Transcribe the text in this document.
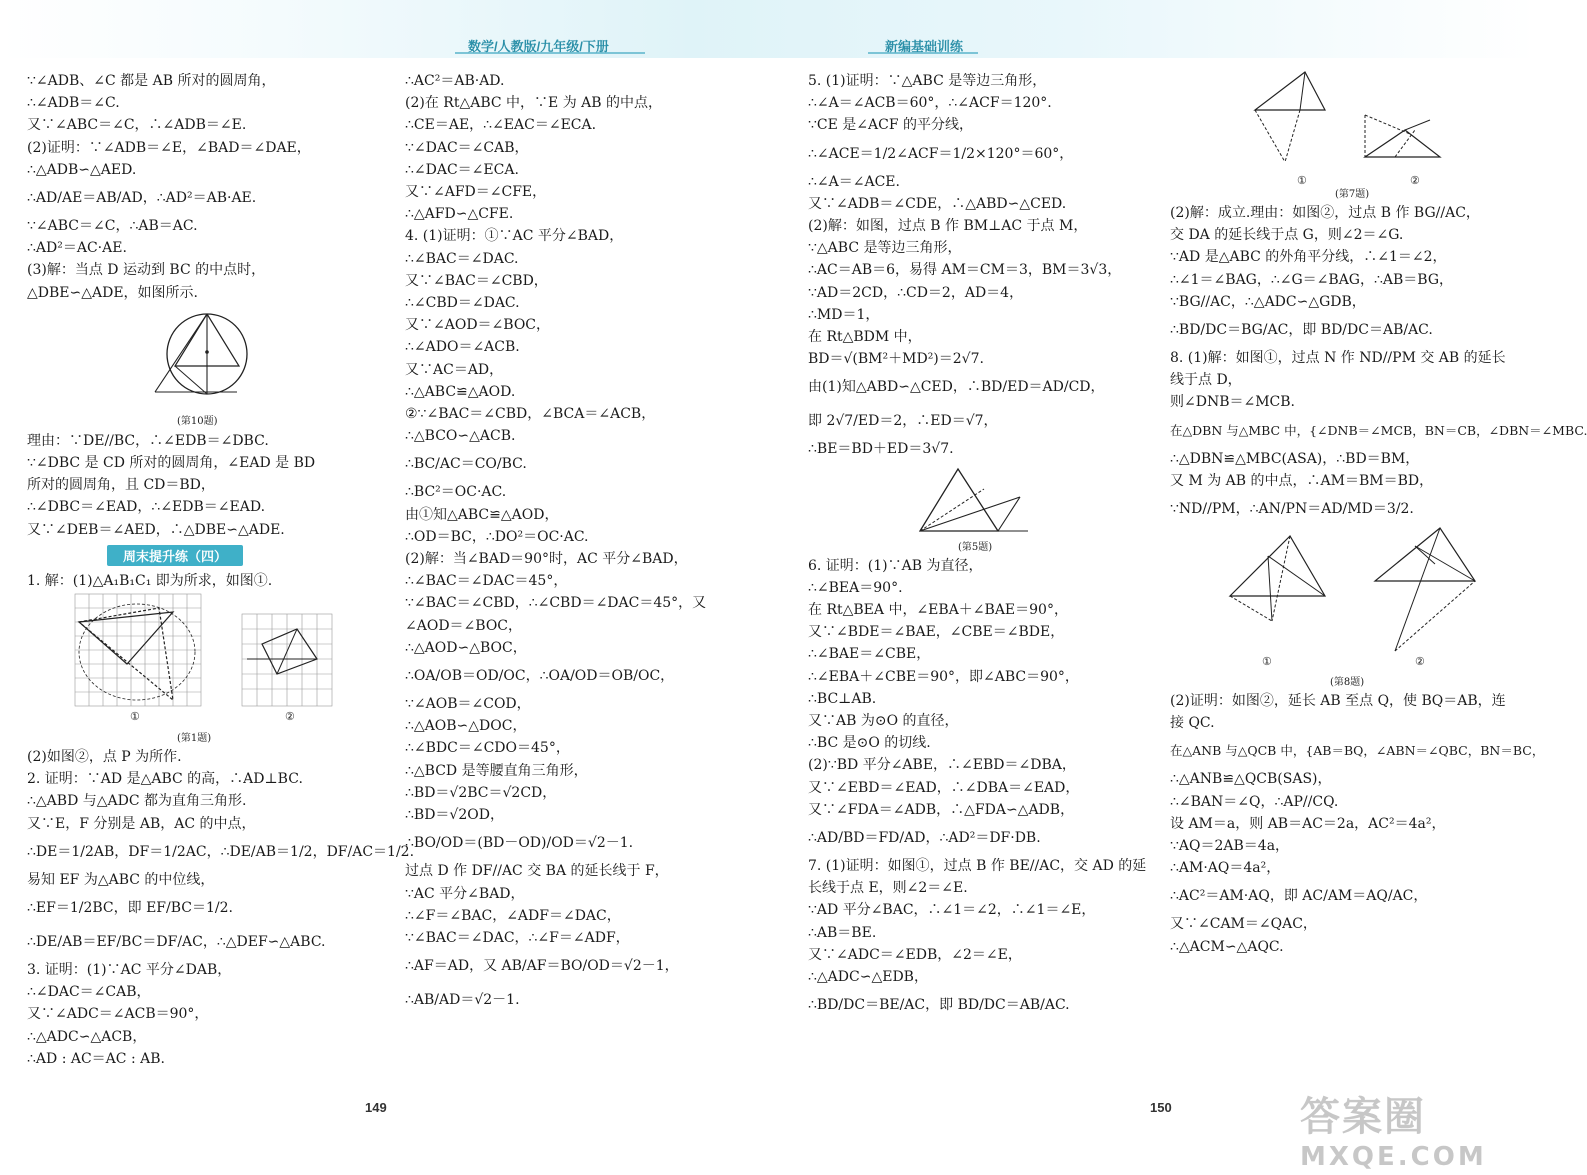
数学/人教版/九年级/下册	新编基础训练
∵∠ADB、∠C 都是 AB 所对的圆周角，
∴∠ADB＝∠C.
又∵∠ABC＝∠C，∴∠ADB＝∠E.
(2)证明：∵∠ADB＝∠E，∠BAD＝∠DAE，
∴△ADB∽△AED.
∴AD/AE＝AB/AD，∴AD²＝AB·AE.
∵∠ABC＝∠C，∴AB＝AC.
∴AD²＝AC·AE.
(3)解：当点 D 运动到 BC 的中点时，
△DBE∽△ADE，如图所示.
(第10题)
理由：∵DE//BC，∴∠EDB＝∠DBC.
∵∠DBC 是 CD 所对的圆周角，∠EAD 是 BD
所对的圆周角，且 CD＝BD，
∴∠DBC＝∠EAD，∴∠EDB＝∠EAD.
又∵∠DEB＝∠AED，∴△DBE∽△ADE.
周末提升练（四）
1. 解：(1)△A₁B₁C₁ 即为所求，如图①.
①	②
(第1题)
(2)如图②，点 P 为所作.
2. 证明：∵AD 是△ABC 的高，∴AD⊥BC.
∴△ABD 与△ADC 都为直角三角形.
又∵E，F 分别是 AB，AC 的中点，
∴DE＝1/2AB，DF＝1/2AC，∴DE/AB＝1/2，DF/AC＝1/2.
易知 EF 为△ABC 的中位线，
∴EF＝1/2BC，即 EF/BC＝1/2.
∴DE/AB＝EF/BC＝DF/AC，∴△DEF∽△ABC.
3. 证明：(1)∵AC 平分∠DAB，
∴∠DAC＝∠CAB，
又∵∠ADC＝∠ACB＝90°，
∴△ADC∽△ACB，
∴AD : AC＝AC : AB.
∴AC²＝AB·AD.
(2)在 Rt△ABC 中，∵E 为 AB 的中点，
∴CE＝AE，∴∠EAC＝∠ECA.
∵∠DAC＝∠CAB，
∴∠DAC＝∠ECA.
又∵∠AFD＝∠CFE，
∴△AFD∽△CFE.
4. (1)证明：①∵AC 平分∠BAD，
∴∠BAC＝∠DAC.
又∵∠BAC＝∠CBD，
∴∠CBD＝∠DAC.
又∵∠AOD＝∠BOC，
∴∠ADO＝∠ACB.
又∵AC＝AD，
∴△ABC≌△AOD.
②∵∠BAC＝∠CBD，∠BCA＝∠ACB，
∴△BCO∽△ACB.
∴BC/AC＝CO/BC.
∴BC²＝OC·AC.
由①知△ABC≌△AOD，
∴OD＝BC，∴DO²＝OC·AC.
(2)解：当∠BAD＝90°时，AC 平分∠BAD，
∴∠BAC＝∠DAC＝45°，
∵∠BAC＝∠CBD，∴∠CBD＝∠DAC＝45°，又
∠AOD＝∠BOC，
∴△AOD∽△BOC，
∴OA/OB＝OD/OC，∴OA/OD＝OB/OC，
∵∠AOB＝∠COD，
∴△AOB∽△DOC，
∴∠BDC＝∠CDO＝45°，
∴△BCD 是等腰直角三角形，
∴BD＝√2BC＝√2CD，
∴BD＝√2OD，
∴BO/OD＝(BD－OD)/OD＝√2－1.
过点 D 作 DF//AC 交 BA 的延长线于 F，
∵AC 平分∠BAD，
∴∠F＝∠BAC，∠ADF＝∠DAC，
∵∠BAC＝∠DAC，∴∠F＝∠ADF，
∴AF＝AD，又 AB/AF＝BO/OD＝√2－1，
∴AB/AD＝√2－1.
5. (1)证明：∵△ABC 是等边三角形，
∴∠A＝∠ACB＝60°，∴∠ACF＝120°.
∵CE 是∠ACF 的平分线，
∴∠ACE＝1/2∠ACF＝1/2×120°＝60°，
∴∠A＝∠ACE.
又∵∠ADB＝∠CDE，∴△ABD∽△CED.
(2)解：如图，过点 B 作 BM⊥AC 于点 M，
∵△ABC 是等边三角形，
∴AC＝AB＝6，易得 AM＝CM＝3，BM＝3√3，
∵AD＝2CD，∴CD＝2，AD＝4，
∴MD＝1，
在 Rt△BDM 中，
BD＝√(BM²＋MD²)＝2√7.
由(1)知△ABD∽△CED，∴BD/ED＝AD/CD，
即 2√7/ED＝2，∴ED＝√7，
∴BE＝BD＋ED＝3√7.
(第5题)
6. 证明：(1)∵AB 为直径，
∴∠BEA＝90°.
在 Rt△BEA 中，∠EBA＋∠BAE＝90°，
又∵∠BDE＝∠BAE，∠CBE＝∠BDE，
∴∠BAE＝∠CBE，
∴∠EBA＋∠CBE＝90°，即∠ABC＝90°，
∴BC⊥AB.
又∵AB 为⊙O 的直径，
∴BC 是⊙O 的切线.
(2)∵BD 平分∠ABE，∴∠EBD＝∠DBA，
又∵∠EBD＝∠EAD，∴∠DBA＝∠EAD，
又∵∠FDA＝∠ADB，∴△FDA∽△ADB，
∴AD/BD＝FD/AD，∴AD²＝DF·DB.
7. (1)证明：如图①，过点 B 作 BE//AC，交 AD 的延
长线于点 E，则∠2＝∠E.
∵AD 平分∠BAC，∴∠1＝∠2，∴∠1＝∠E，
∴AB＝BE.
又∵∠ADC＝∠EDB，∠2＝∠E，
∴△ADC∽△EDB，
∴BD/DC＝BE/AC，即 BD/DC＝AB/AC.
①	②
(第7题)
(2)解：成立.理由：如图②，过点 B 作 BG//AC，
交 DA 的延长线于点 G，则∠2＝∠G.
∵AD 是△ABC 的外角平分线，∴∠1＝∠2，
∴∠1＝∠BAG，∴∠G＝∠BAG，∴AB＝BG，
∵BG//AC，∴△ADC∽△GDB，
∴BD/DC＝BG/AC，即 BD/DC＝AB/AC.
8. (1)解：如图①，过点 N 作 ND//PM 交 AB 的延长
线于点 D，
则∠DNB＝∠MCB.
在△DBN 与△MBC 中，{∠DNB＝∠MCB，BN＝CB，∠DBN＝∠MBC.
∴△DBN≌△MBC(ASA)，∴BD＝BM，
又 M 为 AB 的中点，∴AM＝BM＝BD，
∵ND//PM，∴AN/PN＝AD/MD＝3/2.
①	②
(第8题)
(2)证明：如图②，延长 AB 至点 Q，使 BQ＝AB，连
接 QC.
在△ANB 与△QCB 中，{AB＝BQ，∠ABN＝∠QBC，BN＝BC，
∴△ANB≌△QCB(SAS)，
∴∠BAN＝∠Q，∴AP//CQ.
设 AM＝a，则 AB＝AC＝2a，AC²＝4a²，
∵AQ＝2AB＝4a，
∴AM·AQ＝4a²，
∴AC²＝AM·AQ，即 AC/AM＝AQ/AC，
又∵∠CAM＝∠QAC，
∴△ACM∽△AQC.
149	150	答案圈
MXQE.COM
